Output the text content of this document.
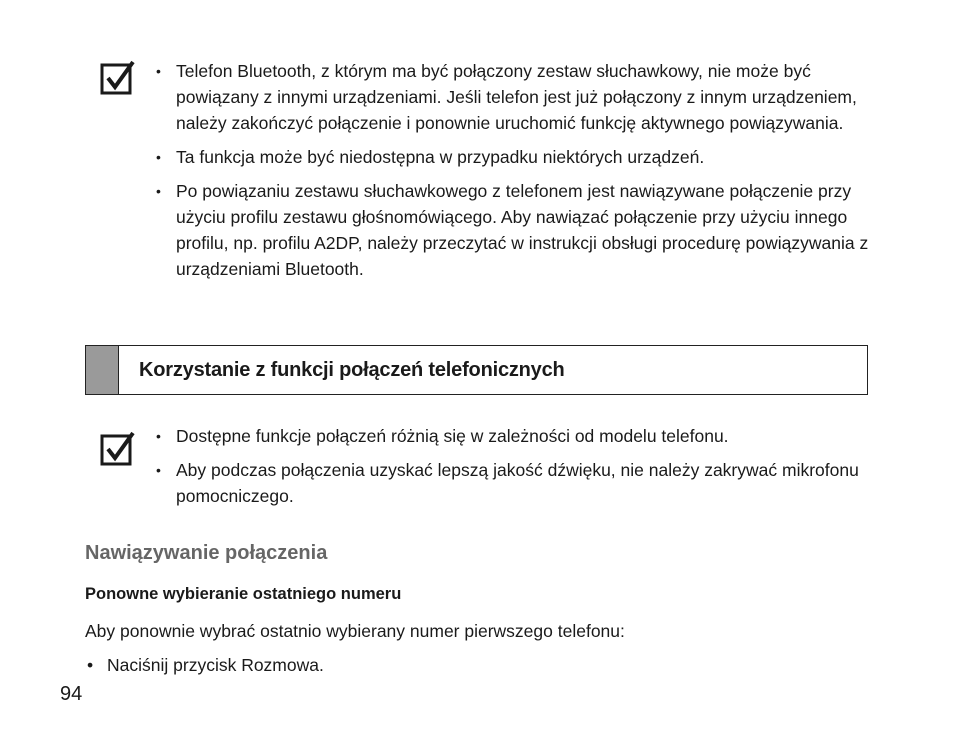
• Telefon Bluetooth, z którym ma być połączony zestaw słuchawkowy, nie może być powiązany z innymi urządzeniami. Jeśli telefon jest już połączony z innym urządzeniem, należy zakończyć połączenie i ponownie uruchomić funkcję aktywnego powiązywania.
• Ta funkcja może być niedostępna w przypadku niektórych urządzeń.
• Po powiązaniu zestawu słuchawkowego z telefonem jest nawiązywane połączenie przy użyciu profilu zestawu głośnomówiącego. Aby nawiązać połączenie przy użyciu innego profilu, np. profilu A2DP, należy przeczytać w instrukcji obsługi procedurę powiązywania z urządzeniami Bluetooth.
Korzystanie z funkcji połączeń telefonicznych
• Dostępne funkcje połączeń różnią się w zależności od modelu telefonu.
• Aby podczas połączenia uzyskać lepszą jakość dźwięku, nie należy zakrywać mikrofonu pomocniczego.
Nawiązywanie połączenia
Ponowne wybieranie ostatniego numeru
Aby ponownie wybrać ostatnio wybierany numer pierwszego telefonu:
• Naciśnij przycisk Rozmowa.
94
